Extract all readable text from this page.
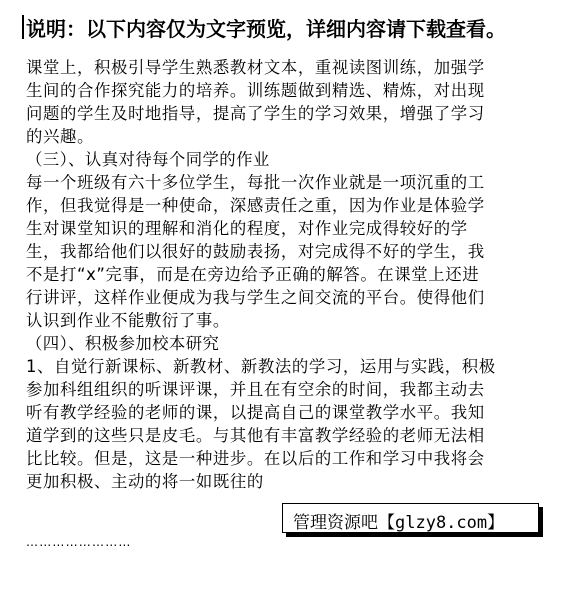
说明：以下内容仅为文字预览，详细内容请下载查看。
课堂上，积极引导学生熟悉教材文本，重视读图训练，加强学
生间的合作探究能力的培养。训练题做到精选、精炼，对出现
问题的学生及时地指导，提高了学生的学习效果，增强了学习
的兴趣。
（三）、认真对待每个同学的作业
每一个班级有六十多位学生，每批一次作业就是一项沉重的工
作，但我觉得是一种使命，深感责任之重，因为作业是体验学
生对课堂知识的理解和消化的程度，对作业完成得较好的学
生，我都给他们以很好的鼓励表扬，对完成得不好的学生，我
不是打“x”完事，而是在旁边给予正确的解答。在课堂上还进
行讲评，这样作业便成为我与学生之间交流的平台。使得他们
认识到作业不能敷衍了事。
（四）、积极参加校本研究
1、自觉行新课标、新教材、新教法的学习，运用与实践，积极
参加科组组织的听课评课，并且在有空余的时间，我都主动去
听有教学经验的老师的课，以提高自己的课堂教学水平。我知
道学到的这些只是皮毛。与其他有丰富教学经验的老师无法相
比比较。但是，这是一种进步。在以后的工作和学习中我将会
更加积极、主动的将一如既往的
……………………
管理资源吧【glzy8.com】
